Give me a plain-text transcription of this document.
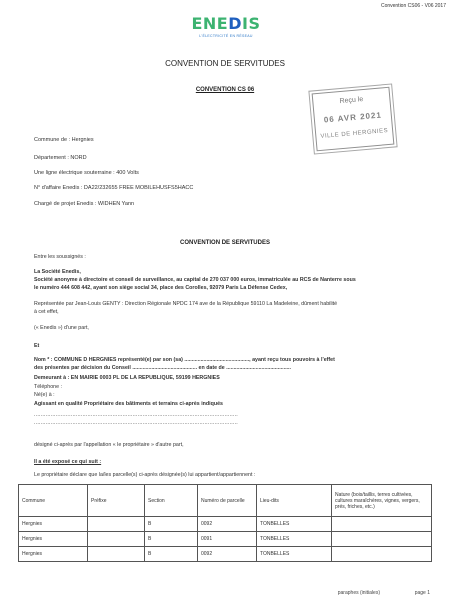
Convention CS06 - V06 2017
ENEDIS
L'ÉLECTRICITÉ EN RÉSEAU
CONVENTION DE SERVITUDES
CONVENTION CS 06
Reçu le
06 AVR 2021
VILLE DE HERGNIES
Commune de : Hergnies
Département : NORD
Une ligne électrique souterraine : 400 Volts
N° d'affaire Enedis : DA22/232655 FREE MOBILEHUSFS5HACC
Chargé de projet Enedis : WIDHEN Yann
CONVENTION DE SERVITUDES
Entre les soussignés :
La Société Enedis,
Société anonyme à directoire et conseil de surveillance, au capital de 270 037 000 euros, immatriculée au RCS de Nanterre sous
le numéro 444 608 442, ayant son siège social 34, place des Corolles, 92079 Paris La Défense Cedex,
Représentée par Jean-Louis GENTY : Direction Régionale NPDC 174 ave de la République 59110 La Madeleine, dûment habilité
à cet effet,
(« Enedis ») d'une part,
Et
Nom * : COMMUNE D HERGNIES représenté(e) par son (sa) ............................................, ayant reçu tous pouvoirs à l'effet
des présentes par décision du Conseil ............................................ en date de ............................................
Demeurant à : EN MAIRIE 0003 PL DE LA REPUBLIQUE, 59199 HERGNIES
Téléphone :
Né(e) à :
Agissant en qualité Propriétaire des bâtiments et terrains ci-après indiqués
..........................................................................................................................
..........................................................................................................................
désigné ci-après par l'appellation « le propriétaire » d'autre part,
Il a été exposé ce qui suit :
Le propriétaire déclare que la/les parcelle(s) ci-après désignée(s) lui appartient/appartiennent :
Commune	Préfixe	Section	Numéro de parcelle	Lieu-dits	Nature (bois/taillis, terres cultivées, cultures maraîchères, vignes, vergers, prés, friches, etc.)
Hergnies		B	0092	TONBELLES	
Hergnies		B	0091	TONBELLES	
Hergnies		B	0092	TONBELLES	
paraphes (initiales)	page 1
